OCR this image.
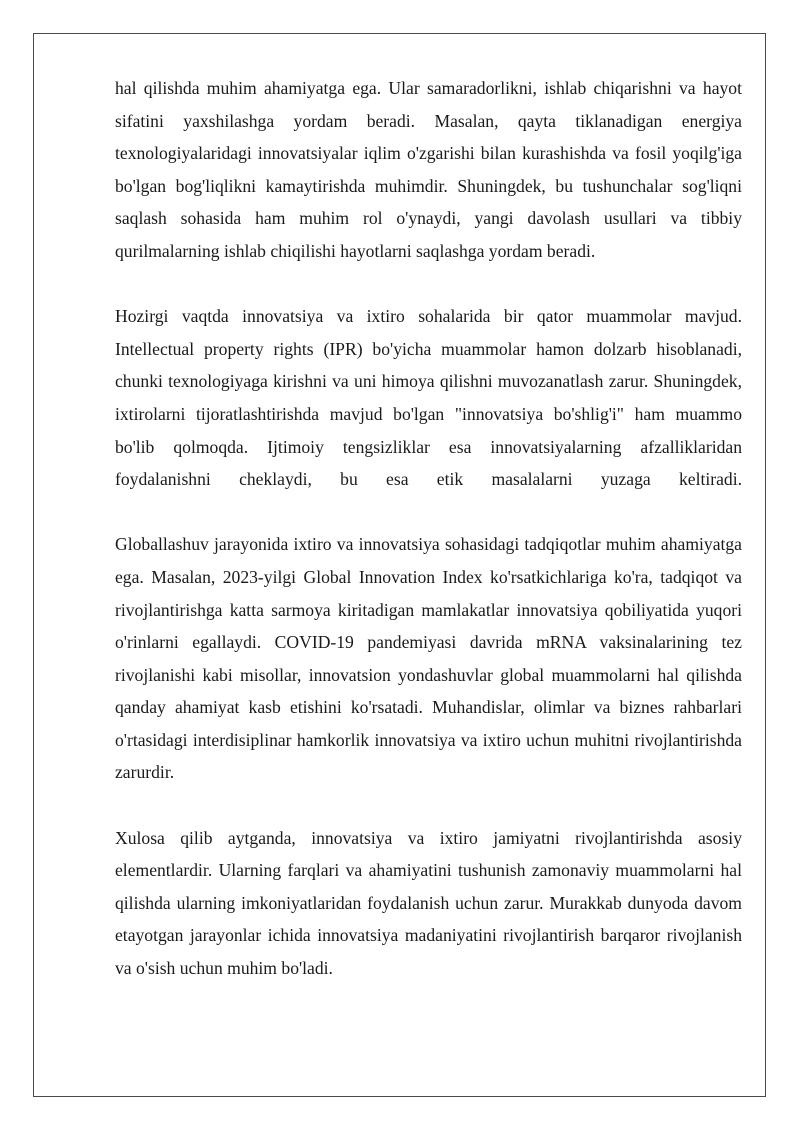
hal qilishda muhim ahamiyatga ega. Ular samaradorlikni, ishlab chiqarishni va hayot sifatini yaxshilashga yordam beradi. Masalan, qayta tiklanadigan energiya texnologiyalaridagi innovatsiyalar iqlim o'zgarishi bilan kurashishda va fosil yoqilg'iga bo'lgan bog'liqlikni kamaytirishda muhimdir. Shuningdek, bu tushunchalar sog'liqni saqlash sohasida ham muhim rol o'ynaydi, yangi davolash usullari va tibbiy qurilmalarning ishlab chiqilishi hayotlarni saqlashga yordam beradi.

Hozirgi vaqtda innovatsiya va ixtiro sohalarida bir qator muammolar mavjud. Intellectual property rights (IPR) bo'yicha muammolar hamon dolzarb hisoblanadi, chunki texnologiyaga kirishni va uni himoya qilishni muvozanatlash zarur. Shuningdek, ixtirolarni tijoratlashtirishda mavjud bo'lgan "innovatsiya bo'shlig'i" ham muammo bo'lib qolmoqda. Ijtimoiy tengsizliklar esa innovatsiyalarning afzalliklaridan foydalanishni cheklaydi, bu esa etik masalalarni yuzaga keltiradi.

Globallashuv jarayonida ixtiro va innovatsiya sohasidagi tadqiqotlar muhim ahamiyatga ega. Masalan, 2023-yilgi Global Innovation Index ko'rsatkichlariga ko'ra, tadqiqot va rivojlantirishga katta sarmoya kiritadigan mamlakatlar innovatsiya qobiliyatida yuqori o'rinlarni egallaydi. COVID-19 pandemiyasi davrida mRNA vaksinalarining tez rivojlanishi kabi misollar, innovatsion yondashuvlar global muammolarni hal qilishda qanday ahamiyat kasb etishini ko'rsatadi. Muhandislar, olimlar va biznes rahbarlari o'rtasidagi interdisiplinar hamkorlik innovatsiya va ixtiro uchun muhitni rivojlantirishda zarurdir.

Xulosa qilib aytganda, innovatsiya va ixtiro jamiyatni rivojlantirishda asosiy elementlardir. Ularning farqlari va ahamiyatini tushunish zamonaviy muammolarni hal qilishda ularning imkoniyatlaridan foydalanish uchun zarur. Murakkab dunyoda davom etayotgan jarayonlar ichida innovatsiya madaniyatini rivojlantirish barqaror rivojlanish va o'sish uchun muhim bo'ladi.
